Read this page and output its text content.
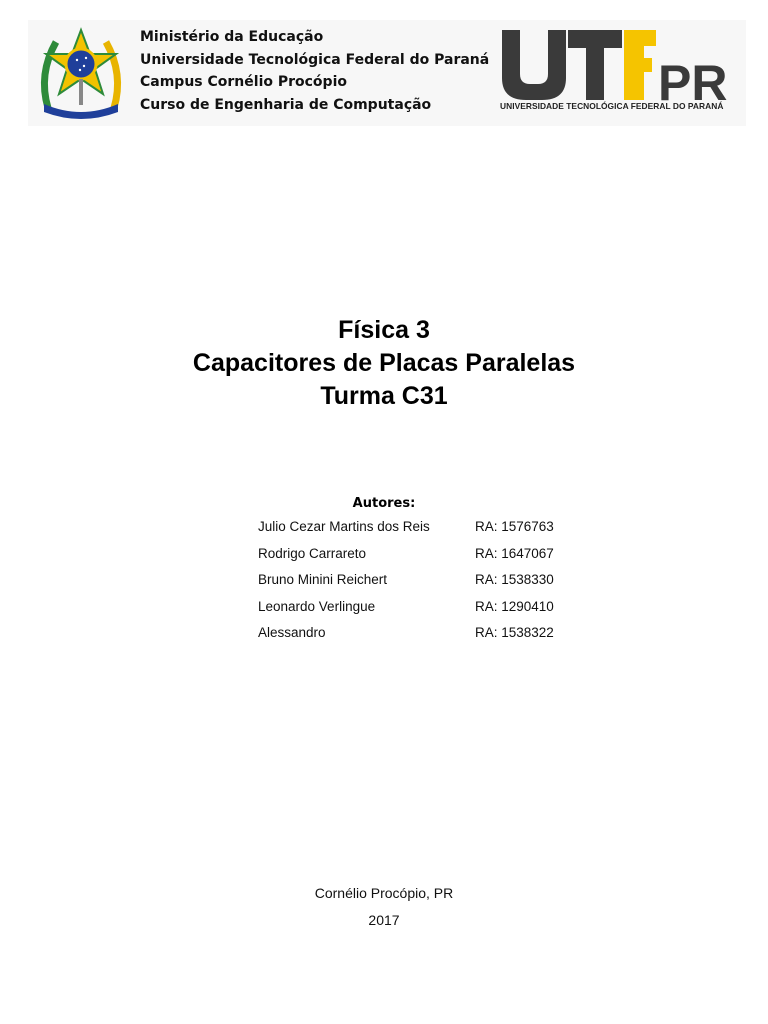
Ministério da Educação
Universidade Tecnológica Federal do Paraná
Campus Cornélio Procópio
Curso de Engenharia de Computação	PR
UNIVERSIDADE TECNOLÓGICA FEDERAL DO PARANÁ
Física 3
Capacitores de Placas Paralelas
Turma C31
Autores:
Julio Cezar Martins dos Reis	RA: 1576763
Rodrigo Carrareto	RA: 1647067
Bruno Minini Reichert	RA: 1538330
Leonardo Verlingue	RA: 1290410
Alessandro	RA: 1538322
Cornélio Procópio, PR
2017
